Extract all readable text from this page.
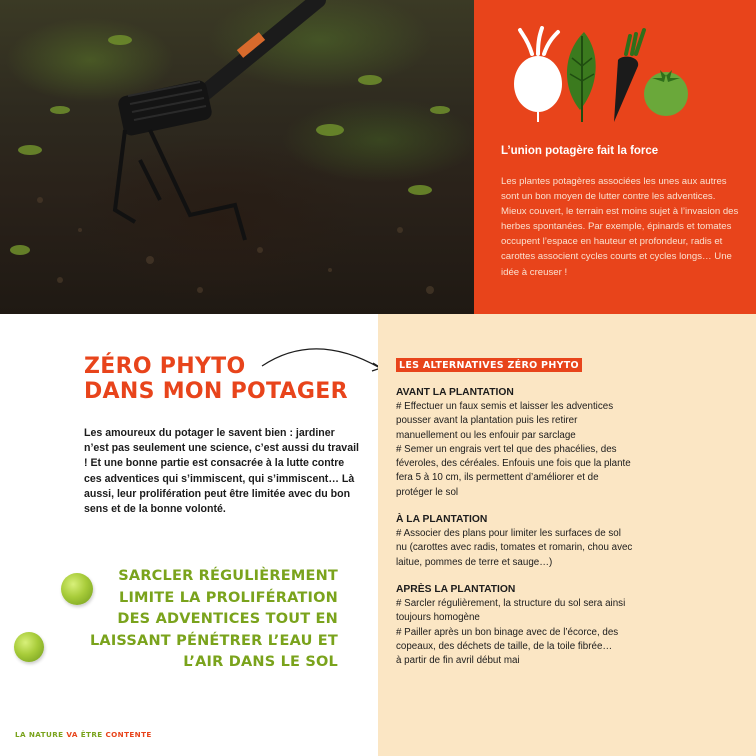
L’union potagère fait la force
Les plantes potagères associées les unes aux autres sont un bon moyen de lutter contre les adventices. Mieux couvert, le terrain est moins sujet à l’invasion des herbes spontanées. Par exemple, épinards et tomates occupent l’espace en hauteur et profondeur, radis et carottes associent cycles courts et cycles longs… Une idée à creuser !
ZÉRO PHYTO
DANS MON POTAGER

Les amoureux du potager le savent bien : jardiner n’est pas seulement une science, c’est aussi du travail ! Et une bonne partie est consacrée à la lutte contre ces adventices qui s’immiscent, qui s’immiscent… Là aussi, leur prolifération peut être limitée avec du bon sens et de la bonne volonté.

SARCLER RÉGULIÈREMENT
LIMITE LA PROLIFÉRATION
DES ADVENTICES TOUT EN
LAISSANT PÉNÉTRER L’EAU ET
L’AIR DANS LE SOL
LA NATURE VA ÊTRE CONTENTE
LES ALTERNATIVES ZÉRO PHYTO
AVANT LA PLANTATION
# Effectuer un faux semis et laisser les adventices
pousser avant la plantation puis les retirer
manuellement ou les enfouir par sarclage
# Semer un engrais vert tel que des phacélies, des
féveroles, des céréales. Enfouis une fois que la plante
fera 5 à 10 cm, ils permettent d’améliorer et de
protéger le sol
À LA PLANTATION
# Associer des plans pour limiter les surfaces de sol
nu (carottes avec radis, tomates et romarin, chou avec
laitue, pommes de terre et sauge…)
APRÈS LA PLANTATION
# Sarcler régulièrement, la structure du sol sera ainsi
toujours homogène
# Pailler après un bon binage avec de l’écorce, des
copeaux, des déchets de taille, de la toile fibrée…
à partir de fin avril début mai
